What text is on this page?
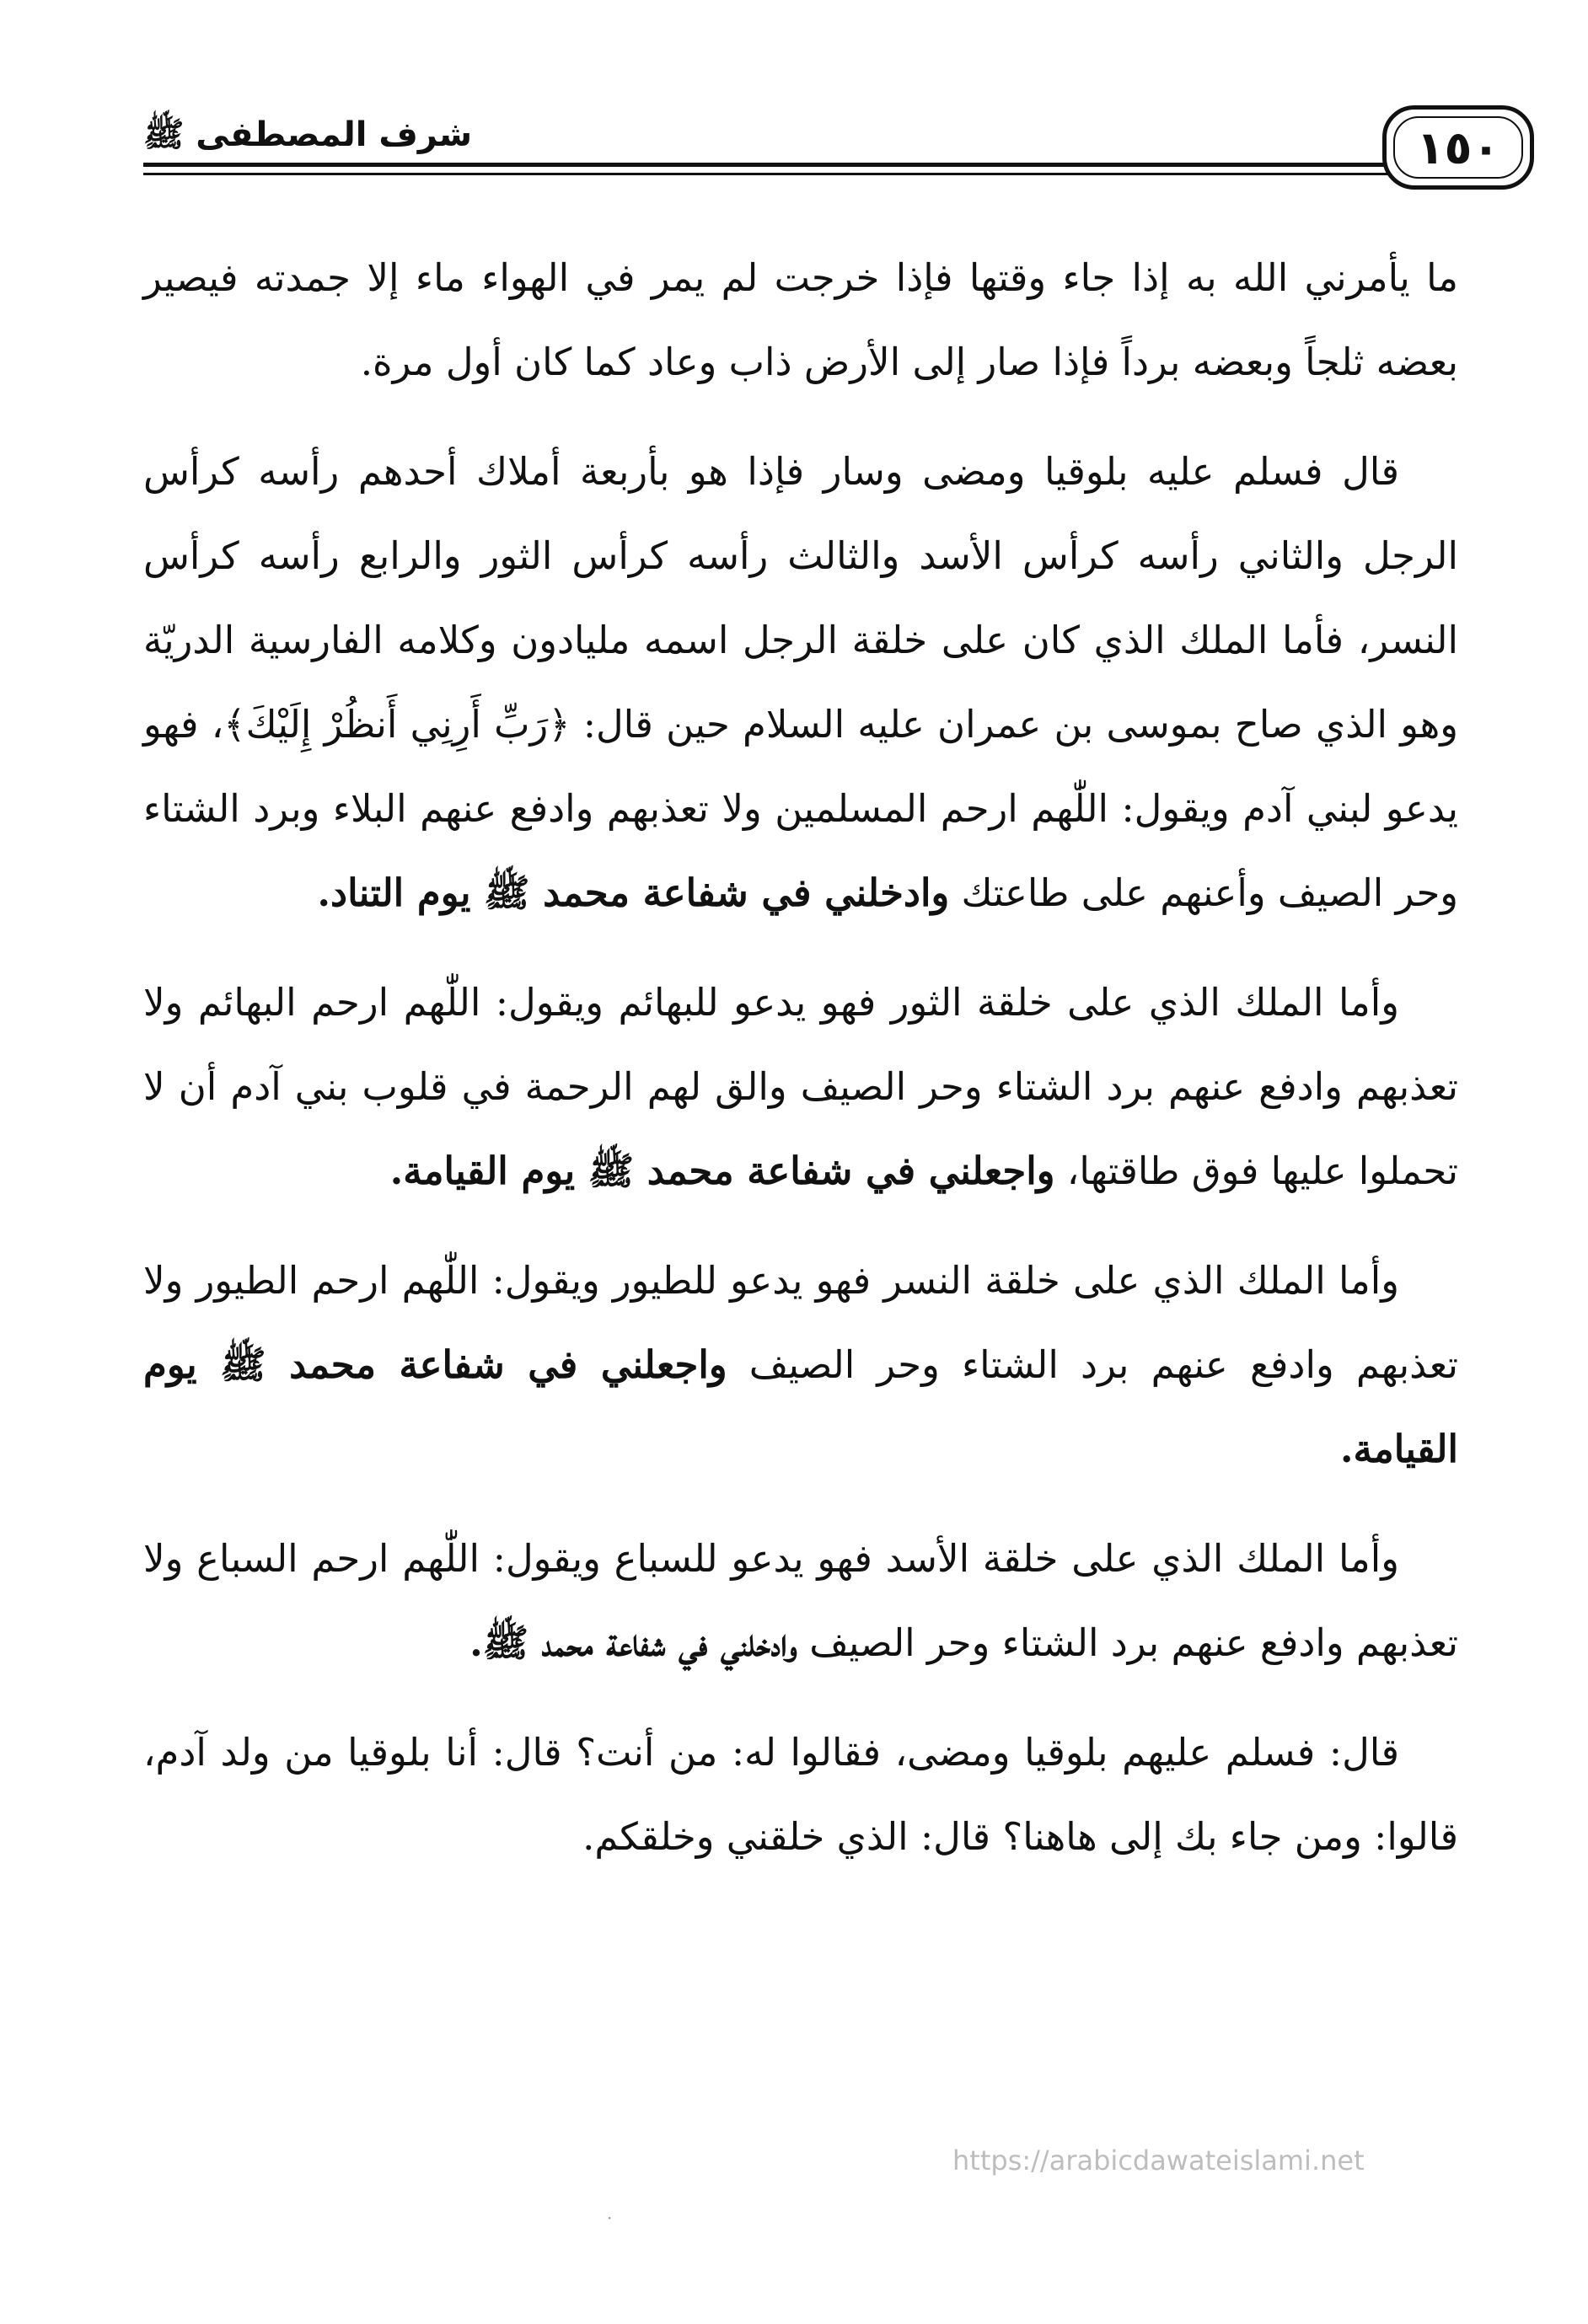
شرف المصطفى ﷺ	١٥٠

ما يأمرني الله به إذا جاء وقتها فإذا خرجت لم يمر في الهواء ماء إلا جمدته فيصير بعضه ثلجاً وبعضه برداً فإذا صار إلى الأرض ذاب وعاد كما كان أول مرة.

قال فسلم عليه بلوقيا ومضى وسار فإذا هو بأربعة أملاك أحدهم رأسه كرأس الرجل والثاني رأسه كرأس الأسد والثالث رأسه كرأس الثور والرابع رأسه كرأس النسر، فأما الملك الذي كان على خلقة الرجل اسمه مليادون وكلامه الفارسية الدريّة وهو الذي صاح بموسى بن عمران عليه السلام حين قال: ﴿رَبِّ أَرِنِي أَنظُرْ إِلَيْكَ﴾، فهو يدعو لبني آدم ويقول: اللّٰهم ارحم المسلمين ولا تعذبهم وادفع عنهم البلاء وبرد الشتاء وحر الصيف وأعنهم على طاعتك وادخلني في شفاعة محمد ﷺ يوم التناد.

وأما الملك الذي على خلقة الثور فهو يدعو للبهائم ويقول: اللّٰهم ارحم البهائم ولا تعذبهم وادفع عنهم برد الشتاء وحر الصيف والق لهم الرحمة في قلوب بني آدم أن لا تحملوا عليها فوق طاقتها، واجعلني في شفاعة محمد ﷺ يوم القيامة.

وأما الملك الذي على خلقة النسر فهو يدعو للطيور ويقول: اللّٰهم ارحم الطيور ولا تعذبهم وادفع عنهم برد الشتاء وحر الصيف واجعلني في شفاعة محمد ﷺ يوم القيامة.

وأما الملك الذي على خلقة الأسد فهو يدعو للسباع ويقول: اللّٰهم ارحم السباع ولا تعذبهم وادفع عنهم برد الشتاء وحر الصيف وادخلني في شفاعة محمد ﷺ.

قال: فسلم عليهم بلوقيا ومضى، فقالوا له: من أنت؟ قال: أنا بلوقيا من ولد آدم، قالوا: ومن جاء بك إلى هاهنا؟ قال: الذي خلقني وخلقكم.

https://arabicdawateislami.net
·
